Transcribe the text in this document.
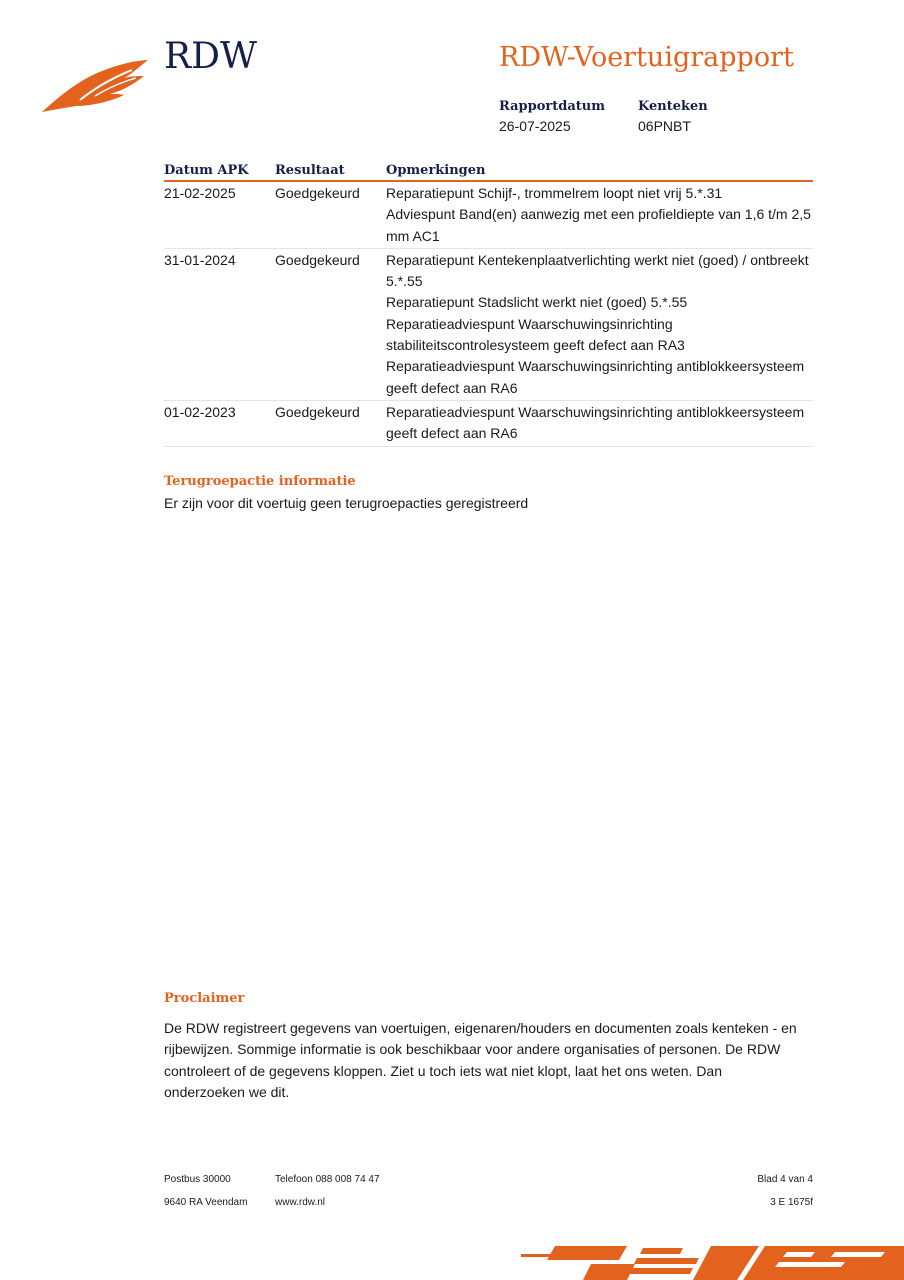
RDW	RDW-Voertuigrapport
Rapportdatum
26-07-2025
Kenteken
06PNBT
Datum APK	Resultaat	Opmerkingen
21-02-2025	Goedgekeurd	Reparatiepunt Schijf-, trommelrem loopt niet vrij 5.*.31
Adviespunt Band(en) aanwezig met een profieldiepte van 1,6 t/m 2,5 mm AC1

31-01-2024	Goedgekeurd	Reparatiepunt Kentekenplaatverlichting werkt niet (goed) / ontbreekt 5.*.55
Reparatiepunt Stadslicht werkt niet (goed) 5.*.55
Reparatieadviespunt Waarschuwingsinrichting stabiliteitscontrolesysteem geeft defect aan RA3
Reparatieadviespunt Waarschuwingsinrichting antiblokkeersysteem geeft defect aan RA6

01-02-2023	Goedgekeurd	Reparatieadviespunt Waarschuwingsinrichting antiblokkeersysteem geeft defect aan RA6
Terugroepactie informatie
Er zijn voor dit voertuig geen terugroepacties geregistreerd
Proclaimer
De RDW registreert gegevens van voertuigen, eigenaren/houders en documenten zoals kenteken - en rijbewijzen. Sommige informatie is ook beschikbaar voor andere organisaties of personen. De RDW controleert of de gegevens kloppen. Ziet u toch iets wat niet klopt, laat het ons weten. Dan onderzoeken we dit.
Postbus 30000
9640 RA Veendam
Telefoon 088 008 74 47
www.rdw.nl
Blad 4 van 4
3 E 1675f
